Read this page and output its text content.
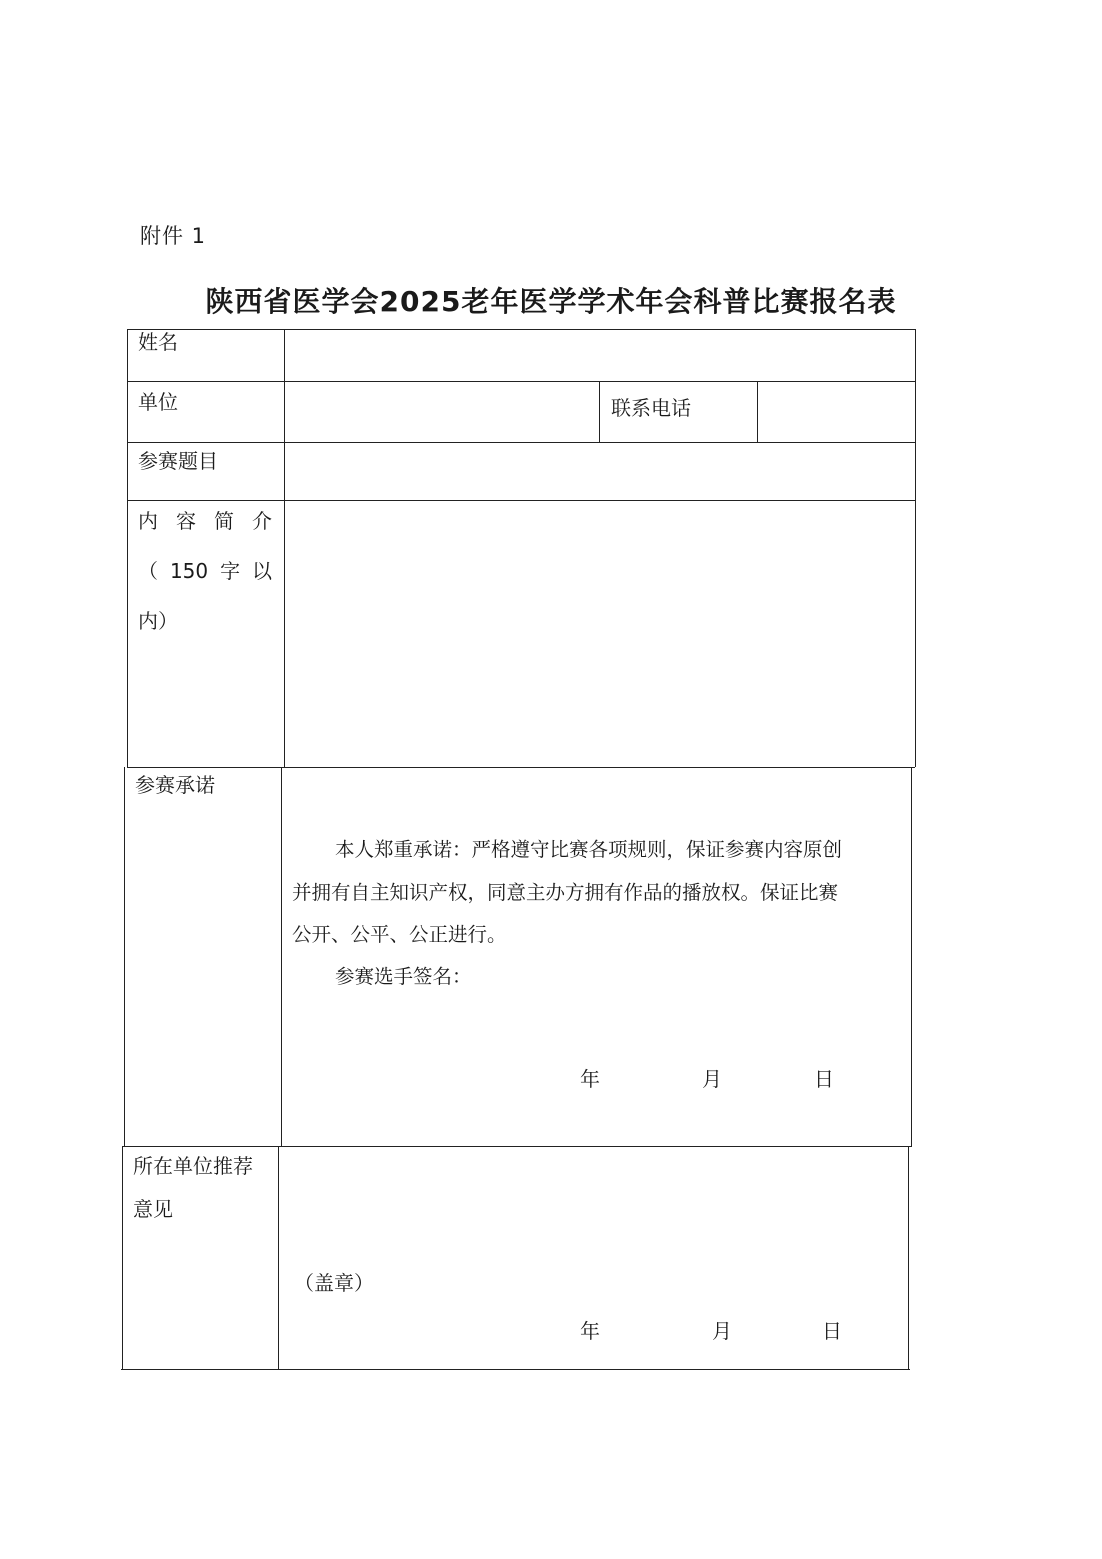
附件 1
陕西省医学会2025老年医学学术年会科普比赛报名表
姓名
单位	联系电话
参赛题目
内 容 简 介
（ 150 字 以
内）
参赛承诺
本人郑重承诺：严格遵守比赛各项规则，保证参赛内容原创
并拥有自主知识产权，同意主办方拥有作品的播放权。保证比赛
公开、公平、公正进行。
参赛选手签名：
年	月	日
所在单位推荐
意见
（盖章）
年	月	日
